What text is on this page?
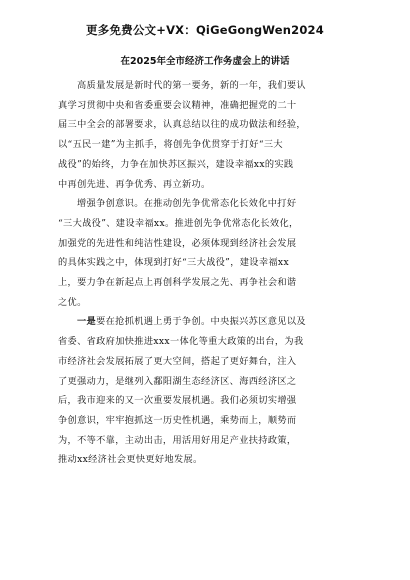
更多免费公文+VX：QiGeGongWen2024
在2025年全市经济工作务虚会上的讲话
高质量发展是新时代的第一要务，新的一年，我们要认
真学习贯彻中央和省委重要会议精神，准确把握党的二十
届三中全会的部署要求，认真总结以往的成功做法和经验，
以“五民一建”为主抓手，将创先争优贯穿于打好“三大
战役”的始终，力争在加快苏区振兴，建设幸福xx的实践
中再创先进、再争优秀、再立新功。
增强争创意识。在推动创先争优常态化长效化中打好
“三大战役”、建设幸福xx。推进创先争优常态化长效化，
加强党的先进性和纯洁性建设，必须体现到经济社会发展
的具体实践之中，体现到打好“三大战役”，建设幸福xx
上，要力争在新起点上再创科学发展之先、再争社会和谐
之优。
一是要在抢抓机遇上勇于争创。中央振兴苏区意见以及
省委、省政府加快推进xxx一体化等重大政策的出台，为我
市经济社会发展拓展了更大空间，搭起了更好舞台，注入
了更强动力，是继列入鄱阳湖生态经济区、海西经济区之
后，我市迎来的又一次重要发展机遇。我们必须切实增强
争创意识，牢牢抱抓这一历史性机遇，乘势而上，顺势而
为，不等不靠，主动出击，用活用好用足产业扶持政策，
推动xx经济社会更快更好地发展。
